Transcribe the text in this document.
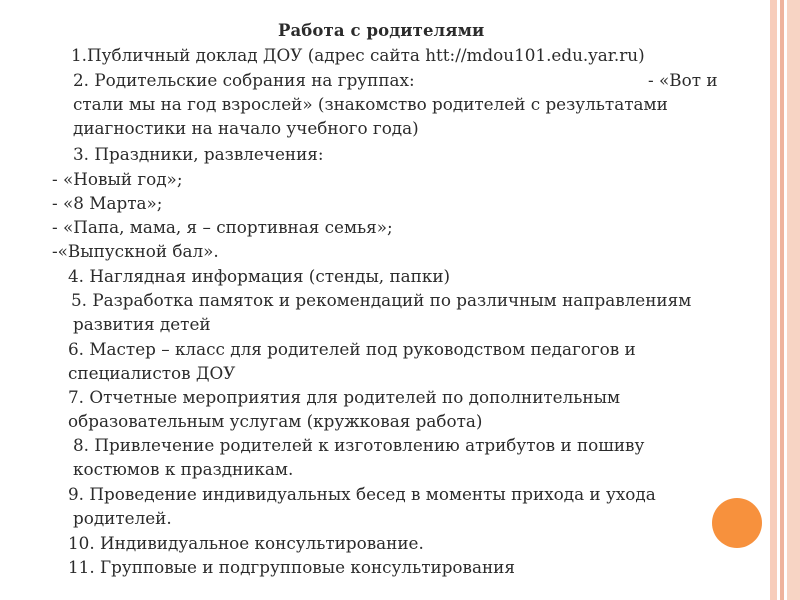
Работа с родителями
1.Публичный доклад ДОУ (адрес сайта htt://mdou101.edu.yar.ru)
2. Родительские собрания на группах:	- «Вот и
стали мы на год взрослей» (знакомство родителей с результатами
диагностики на начало учебного года)
3. Праздники, развлечения:
- «Новый год»;
- «8 Марта»;
- «Папа, мама, я – спортивная семья»;
-«Выпускной бал».
4. Наглядная информация (стенды, папки)
5. Разработка памяток и рекомендаций по различным направлениям
развития детей
6. Мастер – класс для родителей под руководством педагогов и
специалистов ДОУ
7. Отчетные мероприятия для родителей по дополнительным
образовательным услугам (кружковая работа)
8. Привлечение родителей к изготовлению атрибутов и пошиву
костюмов к праздникам.
9. Проведение индивидуальных бесед в моменты прихода и ухода
родителей.
10. Индивидуальное консультирование.
11. Групповые и подгрупповые консультирования
